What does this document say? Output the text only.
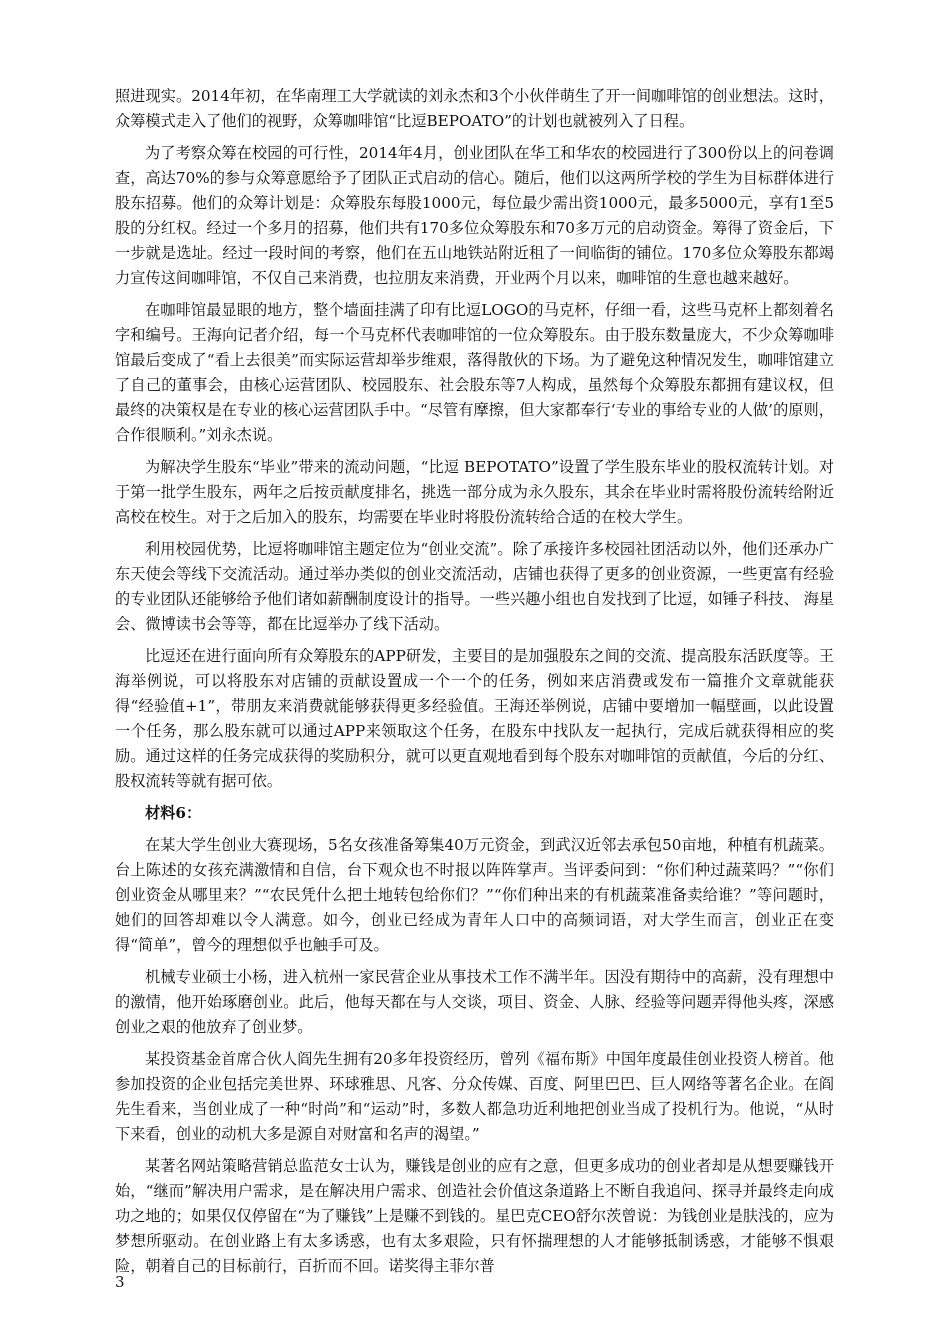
照进现实。2014年初，在华南理工大学就读的刘永杰和3个小伙伴萌生了开一间咖啡馆的创业想法。这时，众筹模式走入了他们的视野，众筹咖啡馆“比逗BEPOATO”的计划也就被列入了日程。

为了考察众筹在校园的可行性，2014年4月，创业团队在华工和华农的校园进行了300份以上的问卷调查，高达70%的参与众筹意愿给予了团队正式启动的信心。随后，他们以这两所学校的学生为目标群体进行股东招募。他们的众筹计划是：众筹股东每股1000元，每位最少需出资1000元，最多5000元，享有1至5股的分红权。经过一个多月的招募，他们共有170多位众筹股东和70多万元的启动资金。筹得了资金后，下一步就是选址。经过一段时间的考察，他们在五山地铁站附近租了一间临街的铺位。170多位众筹股东都竭力宣传这间咖啡馆，不仅自己来消费，也拉朋友来消费，开业两个月以来，咖啡馆的生意也越来越好。

在咖啡馆最显眼的地方，整个墙面挂满了印有比逗LOGO的马克杯，仔细一看，这些马克杯上都刻着名字和编号。王海向记者介绍，每一个马克杯代表咖啡馆的一位众筹股东。由于股东数量庞大，不少众筹咖啡馆最后变成了“看上去很美”而实际运营却举步维艰，落得散伙的下场。为了避免这种情况发生，咖啡馆建立了自己的董事会，由核心运营团队、校园股东、社会股东等7人构成，虽然每个众筹股东都拥有建议权，但最终的决策权是在专业的核心运营团队手中。“尽管有摩擦，但大家都奉行‘专业的事给专业的人做’的原则，合作很顺利。”刘永杰说。

为解决学生股东“毕业”带来的流动问题，“比逗 BEPOTATO”设置了学生股东毕业的股权流转计划。对于第一批学生股东，两年之后按贡献度排名，挑选一部分成为永久股东，其余在毕业时需将股份流转给附近高校在校生。对于之后加入的股东，均需要在毕业时将股份流转给合适的在校大学生。

利用校园优势，比逗将咖啡馆主题定位为“创业交流”。除了承接许多校园社团活动以外，他们还承办广东天使会等线下交流活动。通过举办类似的创业交流活动，店铺也获得了更多的创业资源，一些更富有经验的专业团队还能够给予他们诸如薪酬制度设计的指导。一些兴趣小组也自发找到了比逗，如锤子科技、 海星会、微博读书会等等，都在比逗举办了线下活动。

比逗还在进行面向所有众筹股东的APP研发，主要目的是加强股东之间的交流、提高股东活跃度等。王海举例说，可以将股东对店铺的贡献设置成一个一个的任务，例如来店消费或发布一篇推介文章就能获得“经验值+1”，带朋友来消费就能够获得更多经验值。王海还举例说，店铺中要增加一幅壁画，以此设置一个任务，那么股东就可以通过APP来领取这个任务，在股东中找队友一起执行，完成后就获得相应的奖励。通过这样的任务完成获得的奖励积分，就可以更直观地看到每个股东对咖啡馆的贡献值，今后的分红、股权流转等就有据可依。

材料6：

在某大学生创业大赛现场，5名女孩准备筹集40万元资金，到武汉近邻去承包50亩地，种植有机蔬菜。台上陈述的女孩充满激情和自信，台下观众也不时报以阵阵掌声。当评委问到：“你们种过蔬菜吗？”“你们创业资金从哪里来？”“农民凭什么把土地转包给你们？”“你们种出来的有机蔬菜准备卖给谁？”等问题时，她们的回答却难以令人满意。如今，创业已经成为青年人口中的高频词语，对大学生而言，创业正在变得“简单”，曾今的理想似乎也触手可及。

机械专业硕士小杨，进入杭州一家民营企业从事技术工作不满半年。因没有期待中的高薪，没有理想中的激情，他开始琢磨创业。此后，他每天都在与人交谈，项目、资金、人脉、经验等问题弄得他头疼，深感创业之艰的他放弃了创业梦。

某投资基金首席合伙人阎先生拥有20多年投资经历，曾列《福布斯》中国年度最佳创业投资人榜首。他参加投资的企业包括完美世界、环球雅思、凡客、分众传媒、百度、阿里巴巴、巨人网络等著名企业。在阎先生看来，当创业成了一种“时尚”和“运动”时，多数人都急功近利地把创业当成了投机行为。他说，“从时下来看，创业的动机大多是源自对财富和名声的渴望。”

某著名网站策略营销总监范女士认为，赚钱是创业的应有之意，但更多成功的创业者却是从想要赚钱开始，“继而”解决用户需求，是在解决用户需求、创造社会价值这条道路上不断自我追问、探寻并最终走向成功之地的；如果仅仅停留在“为了赚钱”上是赚不到钱的。星巴克CEO舒尔茨曾说：为钱创业是肤浅的，应为梦想所驱动。在创业路上有太多诱惑，也有太多艰险，只有怀揣理想的人才能够抵制诱惑，才能够不惧艰险，朝着自己的目标前行，百折而不回。诺奖得主菲尔普

3
